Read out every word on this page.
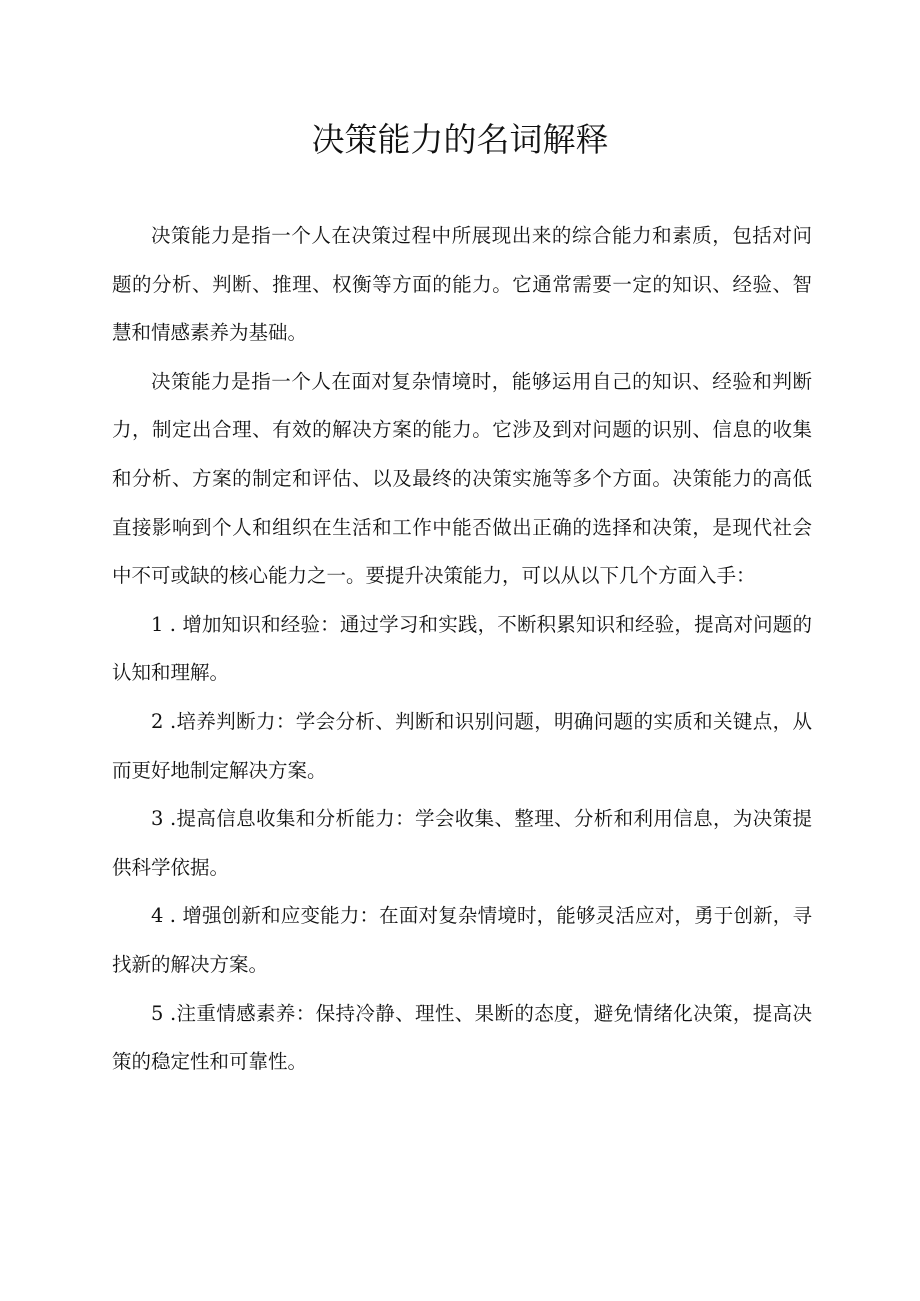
决策能力的名词解释

决策能力是指一个人在决策过程中所展现出来的综合能力和素质，包括对问题的分析、判断、推理、权衡等方面的能力。它通常需要一定的知识、经验、智慧和情感素养为基础。

决策能力是指一个人在面对复杂情境时，能够运用自己的知识、经验和判断力，制定出合理、有效的解决方案的能力。它涉及到对问题的识别、信息的收集和分析、方案的制定和评估、以及最终的决策实施等多个方面。决策能力的高低直接影响到个人和组织在生活和工作中能否做出正确的选择和决策，是现代社会中不可或缺的核心能力之一。要提升决策能力，可以从以下几个方面入手：

1 . 增加知识和经验：通过学习和实践，不断积累知识和经验，提高对问题的认知和理解。

2 .培养判断力：学会分析、判断和识别问题，明确问题的实质和关键点，从而更好地制定解决方案。

3 .提高信息收集和分析能力：学会收集、整理、分析和利用信息，为决策提供科学依据。

4 . 增强创新和应变能力：在面对复杂情境时，能够灵活应对，勇于创新，寻找新的解决方案。

5 .注重情感素养：保持冷静、理性、果断的态度，避免情绪化决策，提高决策的稳定性和可靠性。
